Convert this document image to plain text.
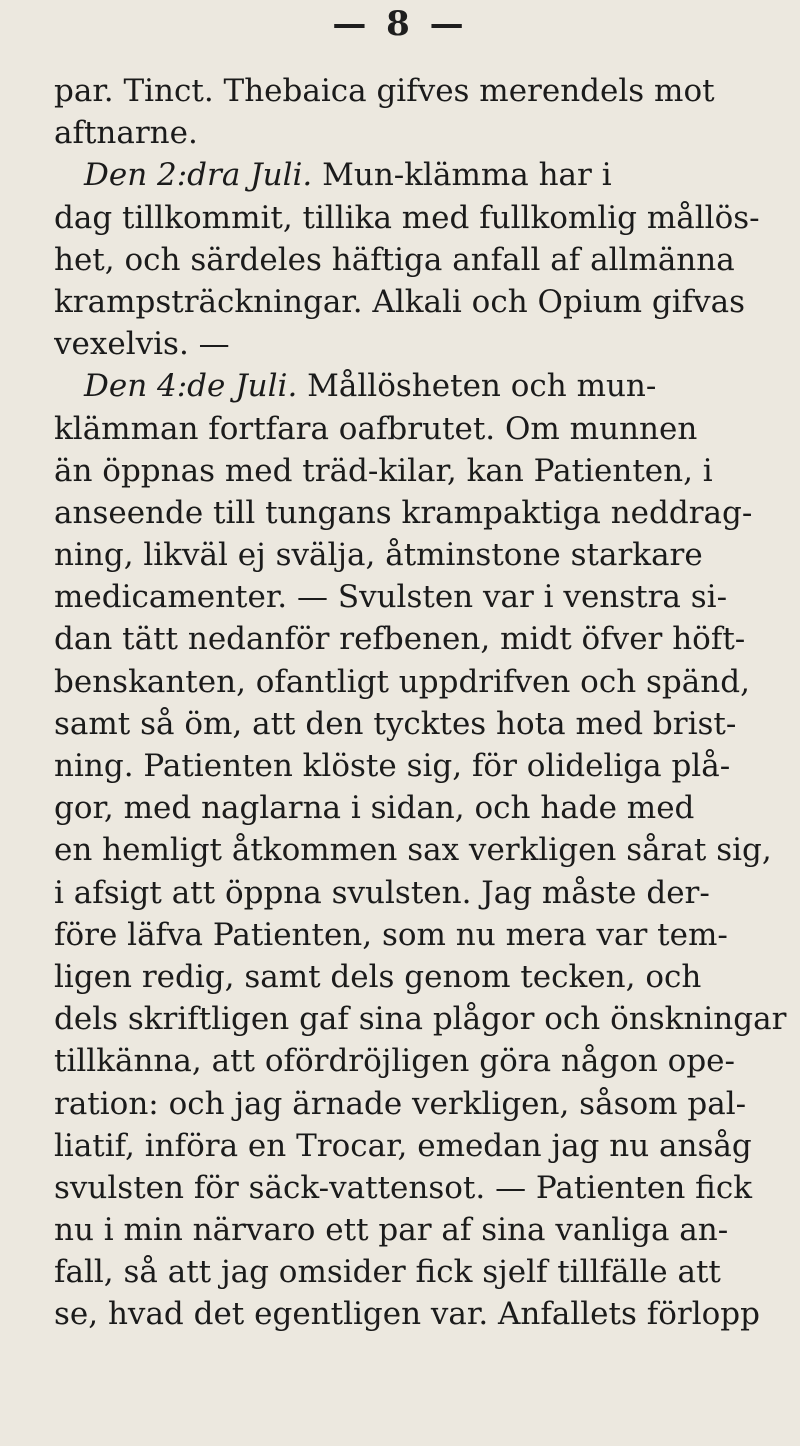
— 8 —
par. Tinct. Thebaica gifves merendels mot
aftnarne.
Den 2:dra Juli. Mun-klämma har i
dag tillkommit, tillika med fullkomlig mållös-
het, och särdeles häftiga anfall af allmänna
krampsträckningar. Alkali och Opium gifvas
vexelvis. —
Den 4:de Juli. Mållösheten och mun-
klämman fortfara oafbrutet. Om munnen
än öppnas med träd-kilar, kan Patienten, i
anseende till tungans krampaktiga neddrag-
ning, likväl ej svälja, åtminstone starkare
medicamenter. — Svulsten var i venstra si-
dan tätt nedanför refbenen, midt öfver höft-
benskanten, ofantligt uppdrifven och spänd,
samt så öm, att den tycktes hota med brist-
ning. Patienten klöste sig, för olideliga plå-
gor, med naglarna i sidan, och hade med
en hemligt åtkommen sax verkligen sårat sig,
i afsigt att öppna svulsten. Jag måste der-
före läfva Patienten, som nu mera var tem-
ligen redig, samt dels genom tecken, och
dels skriftligen gaf sina plågor och önskningar
tillkänna, att ofördröjligen göra någon ope-
ration: och jag ärnade verkligen, såsom pal-
liatif, införa en Trocar, emedan jag nu ansåg
svulsten för säck-vattensot. — Patienten fick
nu i min närvaro ett par af sina vanliga an-
fall, så att jag omsider fick sjelf tillfälle att
se, hvad det egentligen var. Anfallets förlopp
